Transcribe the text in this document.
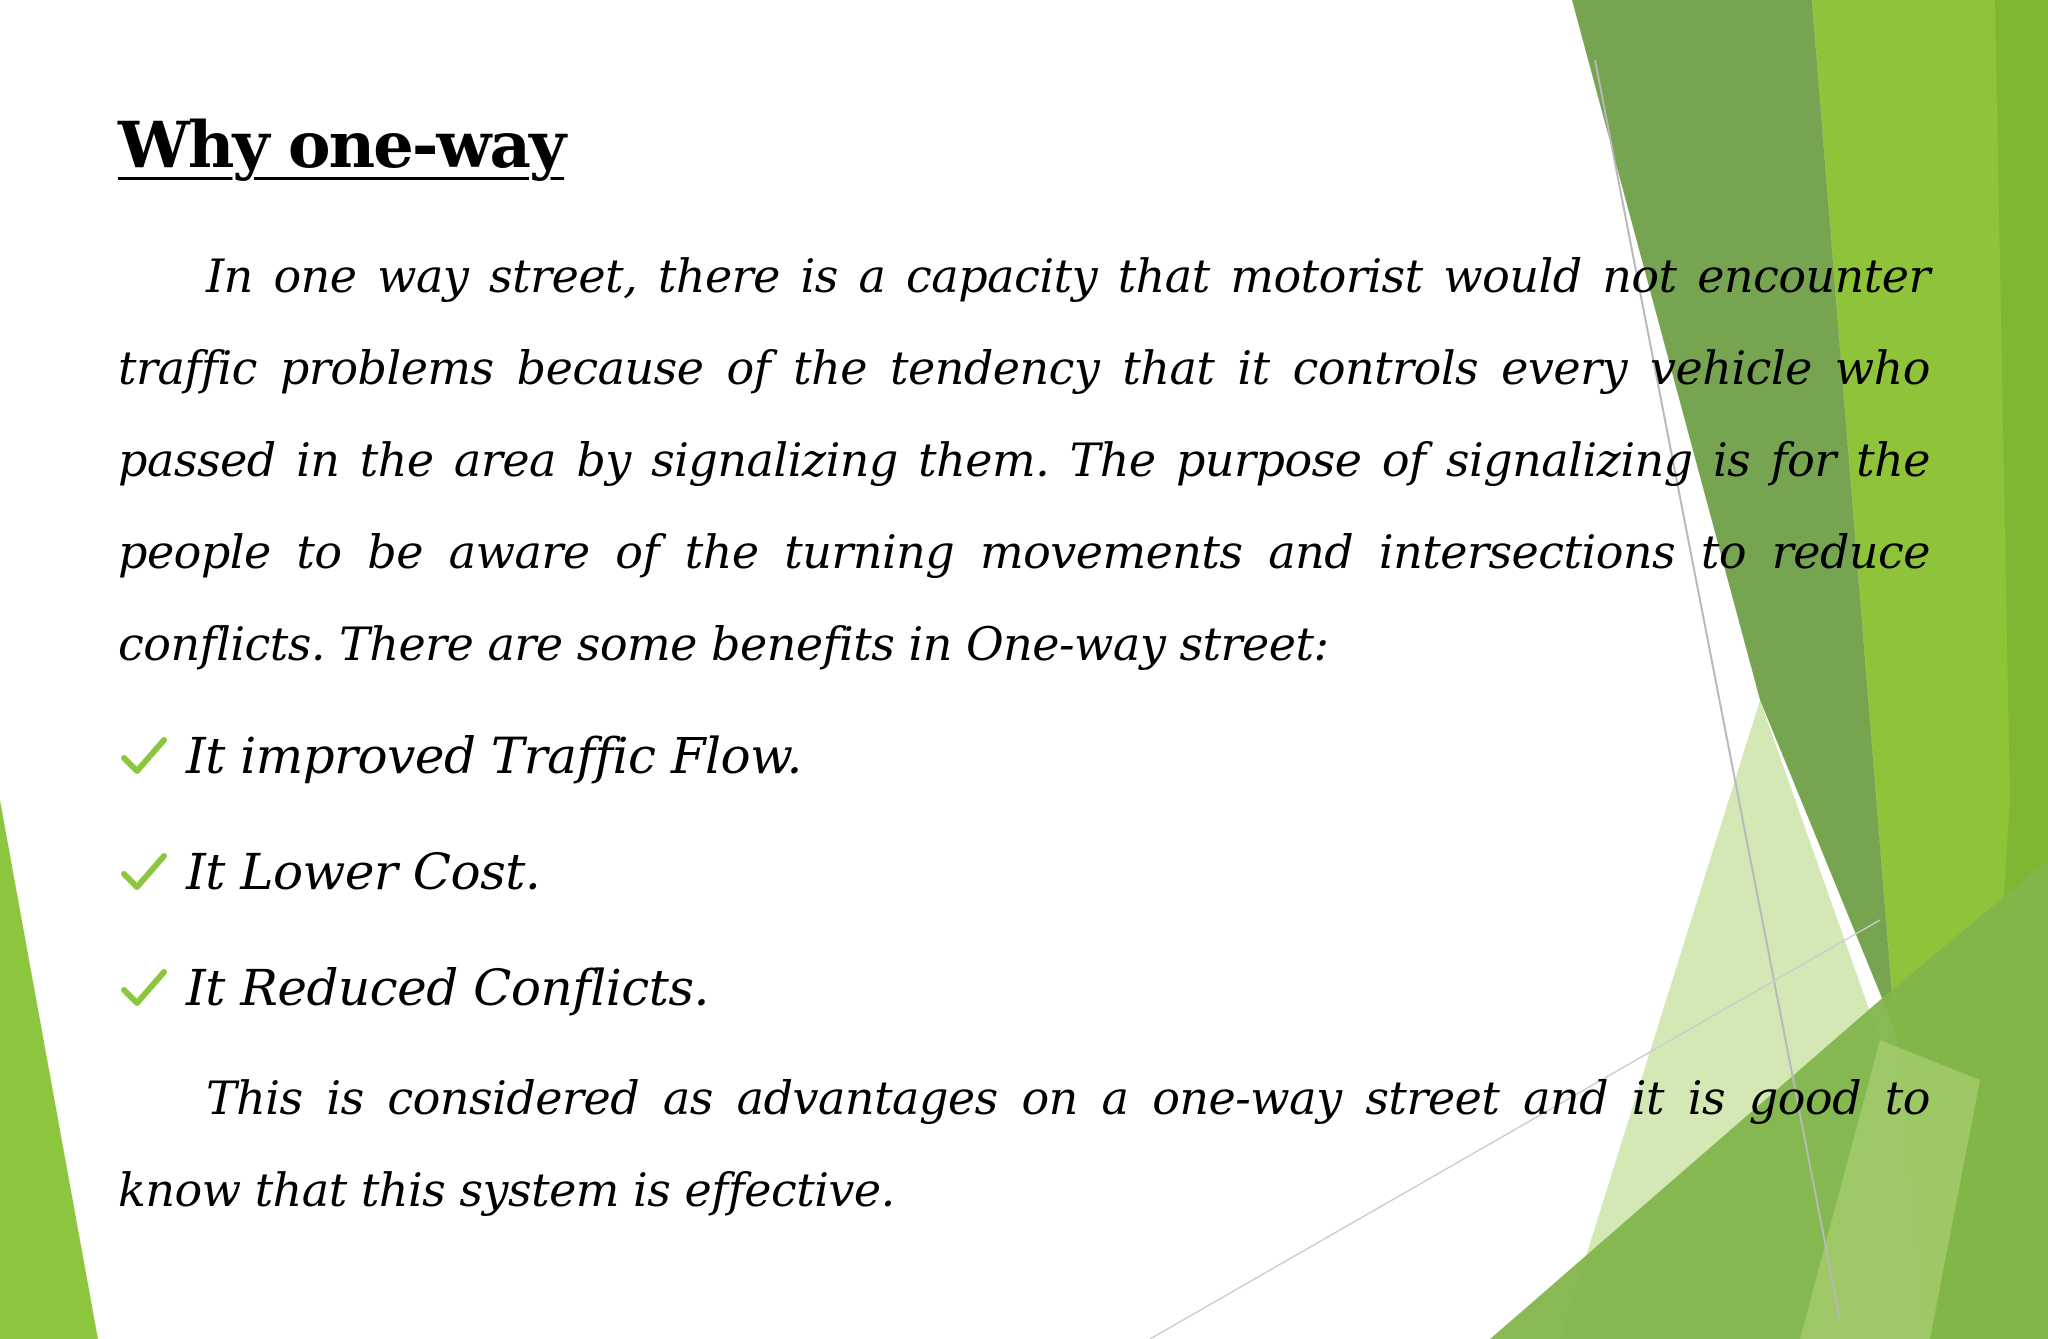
Why one-way

In one way street, there is a capacity that motorist would not encounter traffic problems because of the tendency that it controls every vehicle who passed in the area by signalizing them. The purpose of signalizing is for the people to be aware of the turning movements and intersections to reduce conflicts. There are some benefits in One-way street:

It improved Traffic Flow.
It Lower Cost.
It Reduced Conflicts.

This is considered as advantages on a one-way street and it is good to know that this system is effective.
